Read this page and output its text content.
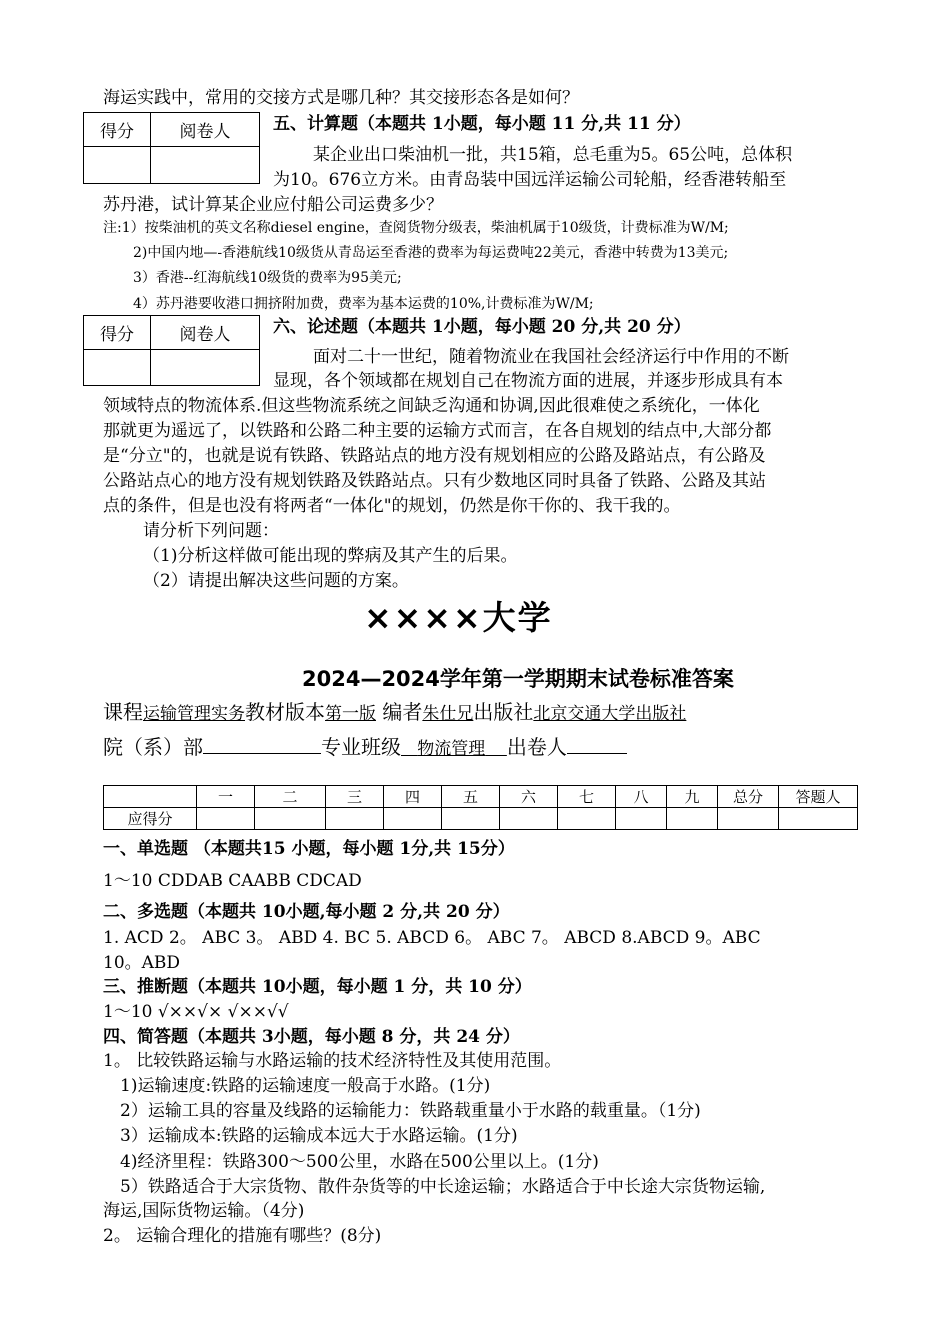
海运实践中，常用的交接方式是哪几种？其交接形态各是如何？
得分	阅卷人
		五、计算题（本题共 1小题，每小题 11 分,共 11 分）
某企业出口柴油机一批，共15箱，总毛重为5。65公吨，总体积
为10。676立方米。由青岛装中国远洋运输公司轮船，经香港转船至
苏丹港，试计算某企业应付船公司运费多少？
注:1）按柴油机的英文名称diesel engine，查阅货物分级表，柴油机属于10级货，计费标准为W/M;
2)中国内地—-香港航线10级货从青岛运至香港的费率为每运费吨22美元，香港中转费为13美元;
3）香港--红海航线10级货的费率为95美元;
4）苏丹港要收港口拥挤附加费，费率为基本运费的10%,计费标准为W/M;
得分	阅卷人
		六、论述题（本题共 1小题，每小题 20 分,共 20 分）
面对二十一世纪，随着物流业在我国社会经济运行中作用的不断
显现，各个领域都在规划自己在物流方面的进展，并逐步形成具有本
领域特点的物流体系.但这些物流系统之间缺乏沟通和协调,因此很难使之系统化，一体化
那就更为遥远了，以铁路和公路二种主要的运输方式而言，在各自规划的结点中,大部分都
是“分立"的，也就是说有铁路、铁路站点的地方没有规划相应的公路及路站点，有公路及
公路站点心的地方没有规划铁路及铁路站点。只有少数地区同时具备了铁路、公路及其站
点的条件，但是也没有将两者“一体化"的规划，仍然是你干你的、我干我的。
请分析下列问题：
（1)分析这样做可能出现的弊病及其产生的后果。
（2）请提出解决这些问题的方案。
××××大学
2024—2024学年第一学期期末试卷标准答案
课程运输管理实务教材版本第一版 编者朱仕兄出版社北京交通大学出版社
院（系）部	专业班级 物流管理 出卷人
	一	二	三	四	五	六	七	八	九	总分	答题人
应得分											
一、单选题 （本题共15 小题，每小题 1分,共 15分）
1～10 CDDAB CAABB CDCAD
二、多选题（本题共 10小题,每小题 2 分,共 20 分）
1. ACD 2。 ABC 3。 ABD 4. BC 5. ABCD 6。 ABC 7。 ABCD 8.ABCD 9。ABC
10。ABD
三、推断题（本题共 10小题，每小题 1 分，共 10 分）
1～10 √××√× √××√√
四、简答题（本题共 3小题，每小题 8 分，共 24 分）
1。 比较铁路运输与水路运输的技术经济特性及其使用范围。
1)运输速度:铁路的运输速度一般高于水路。(1分)
2）运输工具的容量及线路的运输能力：铁路载重量小于水路的载重量。（1分)
3）运输成本:铁路的运输成本远大于水路运输。(1分)
4)经济里程：铁路300～500公里，水路在500公里以上。(1分)
5）铁路适合于大宗货物、散件杂货等的中长途运输；水路适合于中长途大宗货物运输,
海运,国际货物运输。（4分)
2。 运输合理化的措施有哪些？(8分)
